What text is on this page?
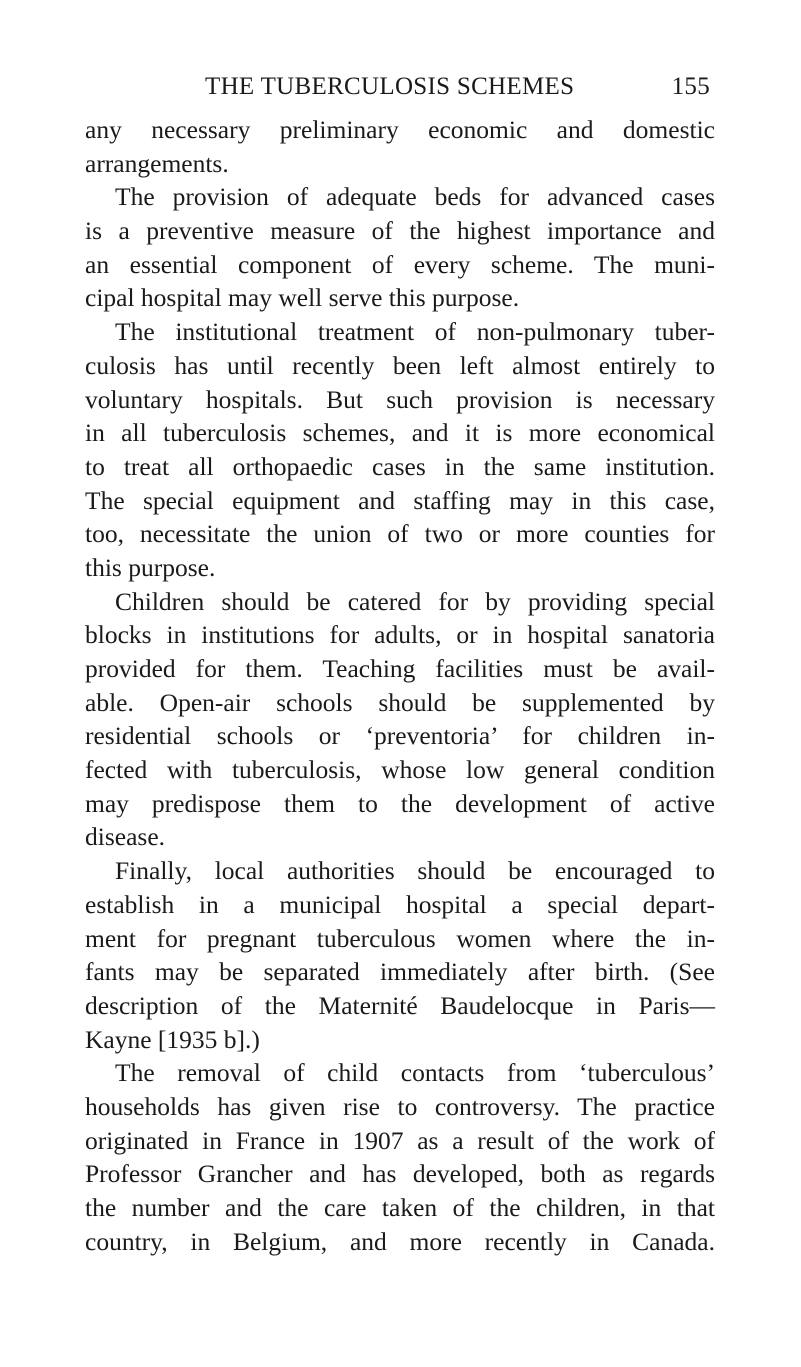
THE TUBERCULOSIS SCHEMES	155
any necessary preliminary economic and domestic
arrangements.
The provision of adequate beds for advanced cases
is a preventive measure of the highest importance and
an essential component of every scheme. The muni-
cipal hospital may well serve this purpose.
The institutional treatment of non-pulmonary tuber-
culosis has until recently been left almost entirely to
voluntary hospitals. But such provision is necessary
in all tuberculosis schemes, and it is more economical
to treat all orthopaedic cases in the same institution.
The special equipment and staffing may in this case,
too, necessitate the union of two or more counties for
this purpose.
Children should be catered for by providing special
blocks in institutions for adults, or in hospital sanatoria
provided for them. Teaching facilities must be avail-
able. Open-air schools should be supplemented by
residential schools or ‘preventoria’ for children in-
fected with tuberculosis, whose low general condition
may predispose them to the development of active
disease.
Finally, local authorities should be encouraged to
establish in a municipal hospital a special depart-
ment for pregnant tuberculous women where the in-
fants may be separated immediately after birth. (See
description of the Maternité Baudelocque in Paris—
Kayne [1935 b].)
The removal of child contacts from ‘tuberculous’
households has given rise to controversy. The practice
originated in France in 1907 as a result of the work of
Professor Grancher and has developed, both as regards
the number and the care taken of the children, in that
country, in Belgium, and more recently in Canada.
